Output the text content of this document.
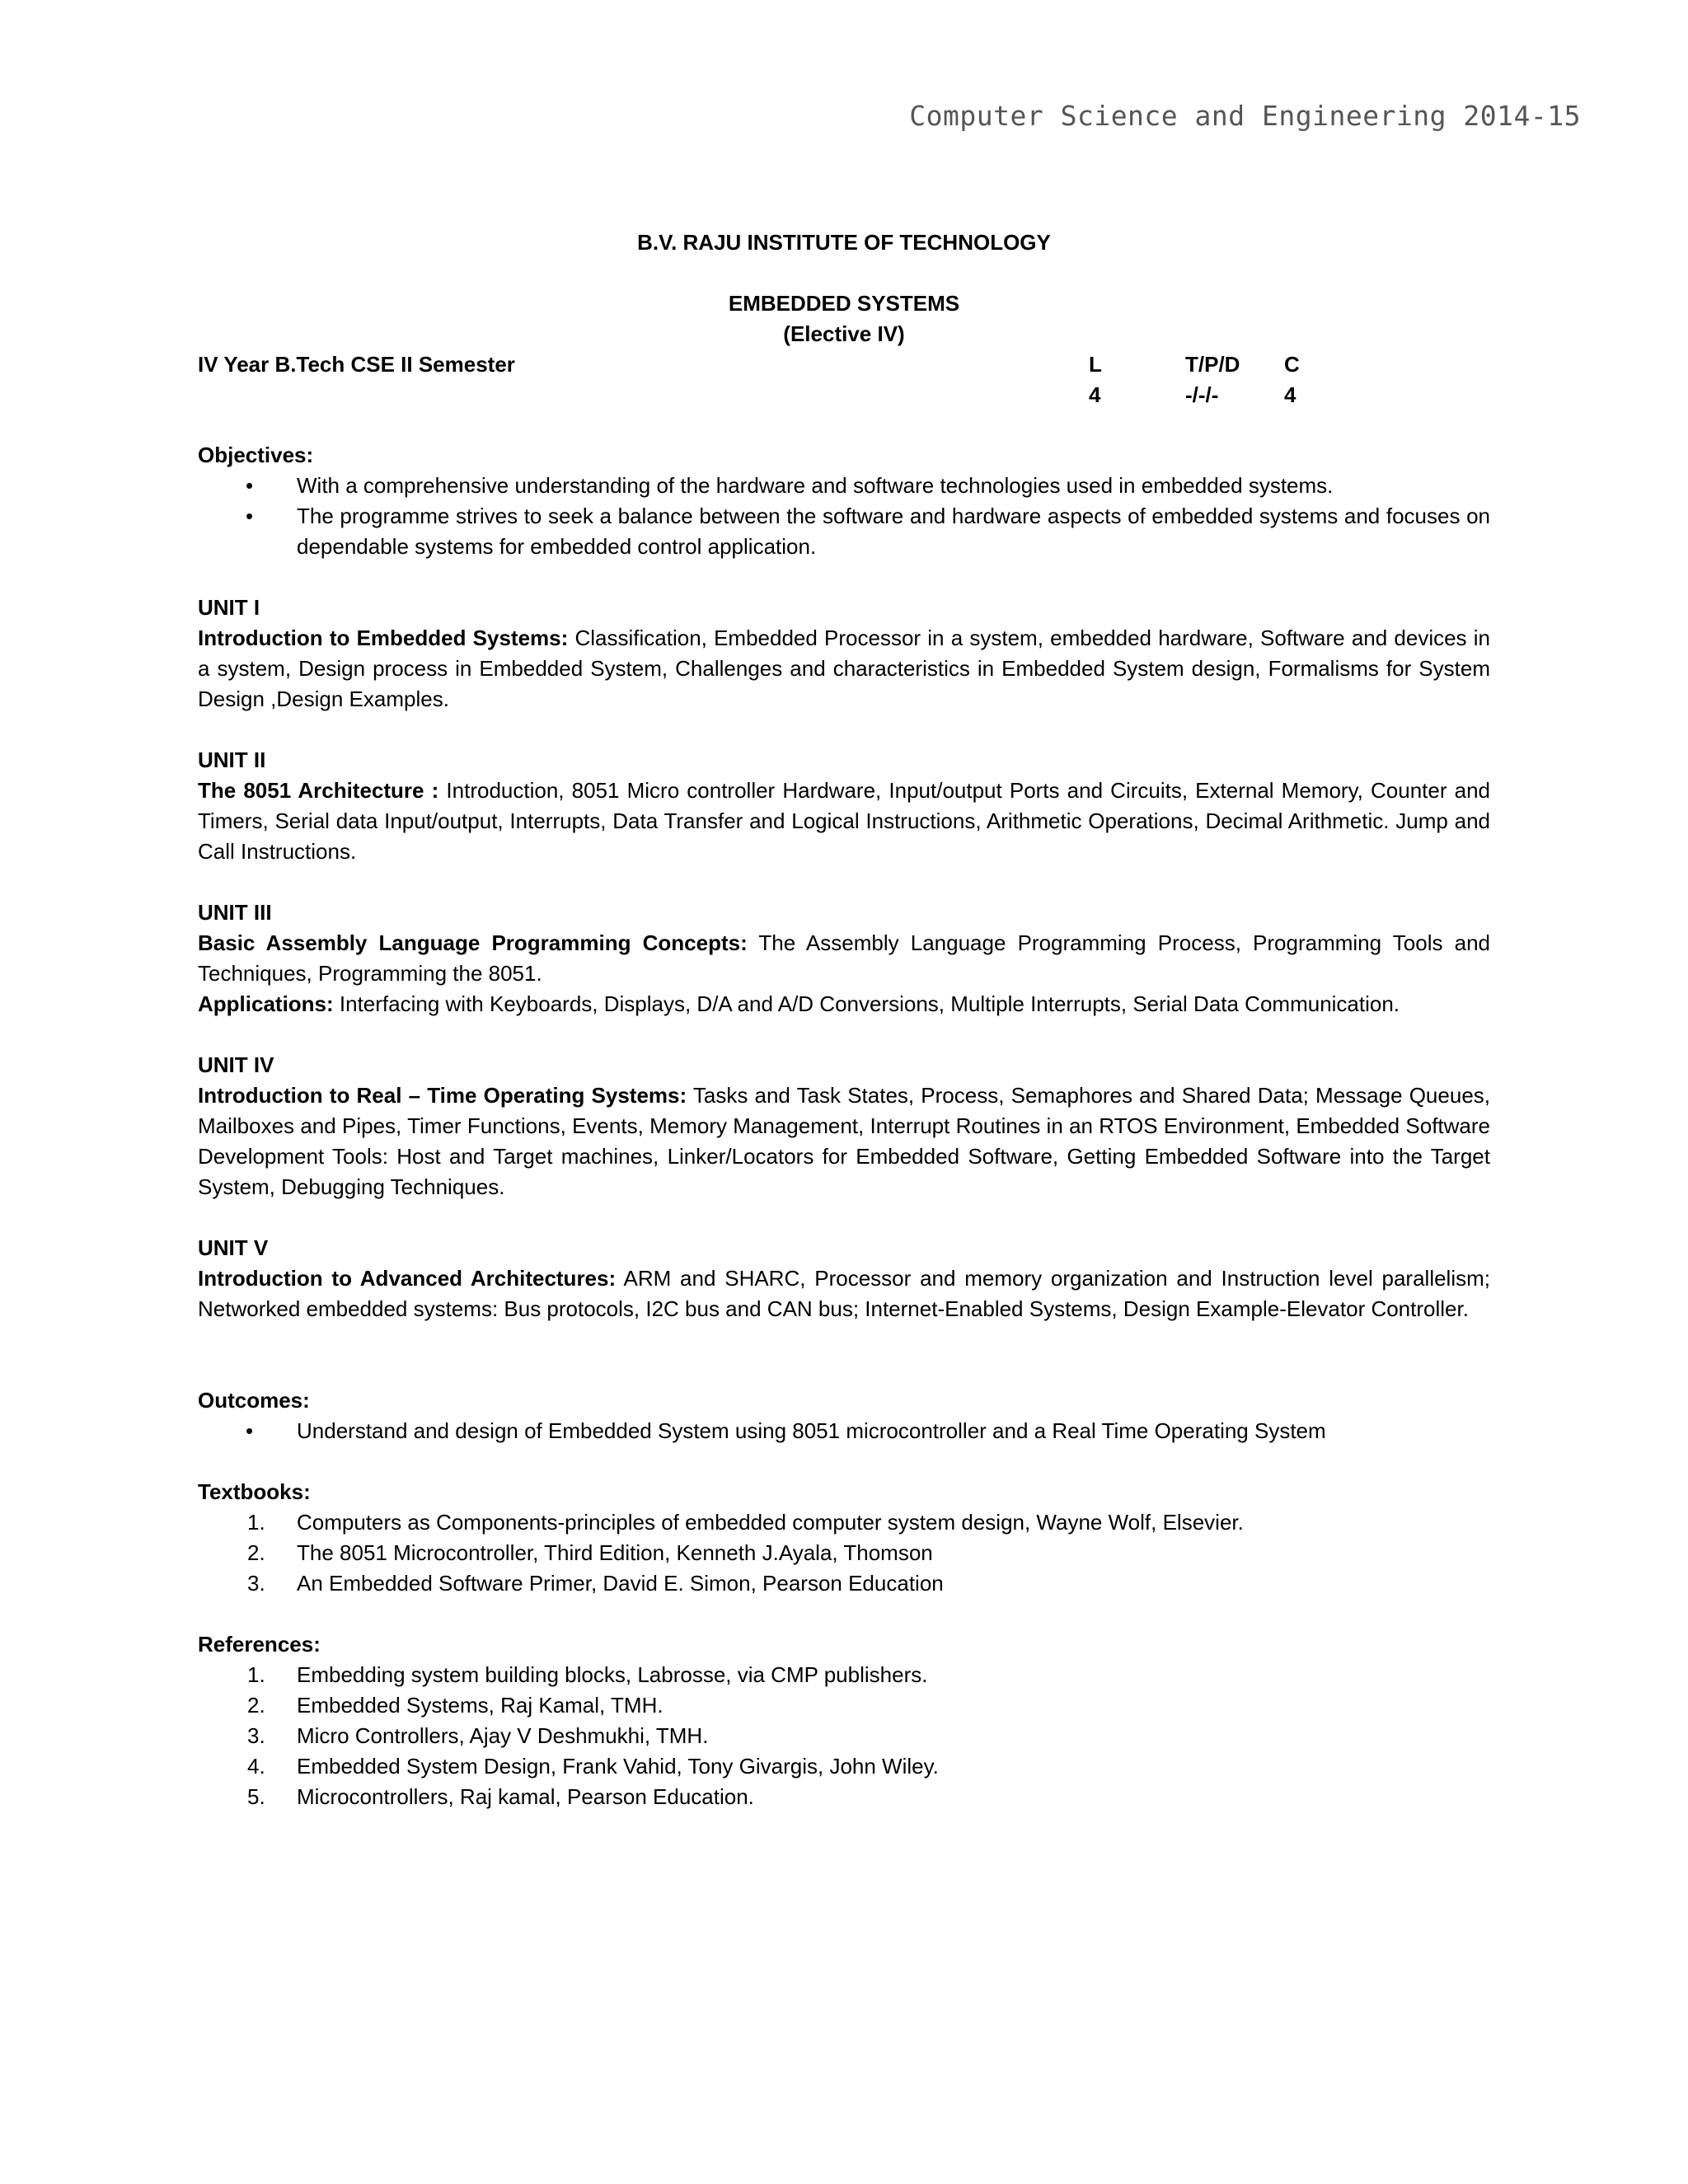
Computer Science and Engineering 2014-15
B.V. RAJU INSTITUTE OF TECHNOLOGY
EMBEDDED SYSTEMS
(Elective IV)
IV Year B.Tech CSE II Semester	L	T/P/D C
4	-/-/-	4
Objectives:
• With a comprehensive understanding of the hardware and software technologies used in embedded systems.
• The programme strives to seek a balance between the software and hardware aspects of embedded systems and focuses on dependable systems for embedded control application.
UNIT I

Introduction to Embedded Systems: Classification, Embedded Processor in a system, embedded hardware, Software and devices in a system, Design process in Embedded System, Challenges and characteristics in Embedded System design, Formalisms for System Design ,Design Examples.

UNIT II

The 8051 Architecture : Introduction, 8051 Micro controller Hardware, Input/output Ports and Circuits, External Memory, Counter and Timers, Serial data Input/output, Interrupts, Data Transfer and Logical Instructions, Arithmetic Operations, Decimal Arithmetic. Jump and Call Instructions.

UNIT III

Basic Assembly Language Programming Concepts: The Assembly Language Programming Process, Programming Tools and Techniques, Programming the 8051.

Applications: Interfacing with Keyboards, Displays, D/A and A/D Conversions, Multiple Interrupts, Serial Data Communication.

UNIT IV

Introduction to Real – Time Operating Systems: Tasks and Task States, Process, Semaphores and Shared Data; Message Queues, Mailboxes and Pipes, Timer Functions, Events, Memory Management, Interrupt Routines in an RTOS Environment, Embedded Software Development Tools: Host and Target machines, Linker/Locators for Embedded Software, Getting Embedded Software into the Target System, Debugging Techniques.

UNIT V

Introduction to Advanced Architectures: ARM and SHARC, Processor and memory organization and Instruction level parallelism; Networked embedded systems: Bus protocols, I2C bus and CAN bus; Internet-Enabled Systems, Design Example-Elevator Controller.

Outcomes:
• Understand and design of Embedded System using 8051 microcontroller and a Real Time Operating System
Textbooks:
1. Computers as Components-principles of embedded computer system design, Wayne Wolf, Elsevier.
2. The 8051 Microcontroller, Third Edition, Kenneth J.Ayala, Thomson
3. An Embedded Software Primer, David E. Simon, Pearson Education
References:
1. Embedding system building blocks, Labrosse, via CMP publishers.
2. Embedded Systems, Raj Kamal, TMH.
3. Micro Controllers, Ajay V Deshmukhi, TMH.
4. Embedded System Design, Frank Vahid, Tony Givargis, John Wiley.
5. Microcontrollers, Raj kamal, Pearson Education.
